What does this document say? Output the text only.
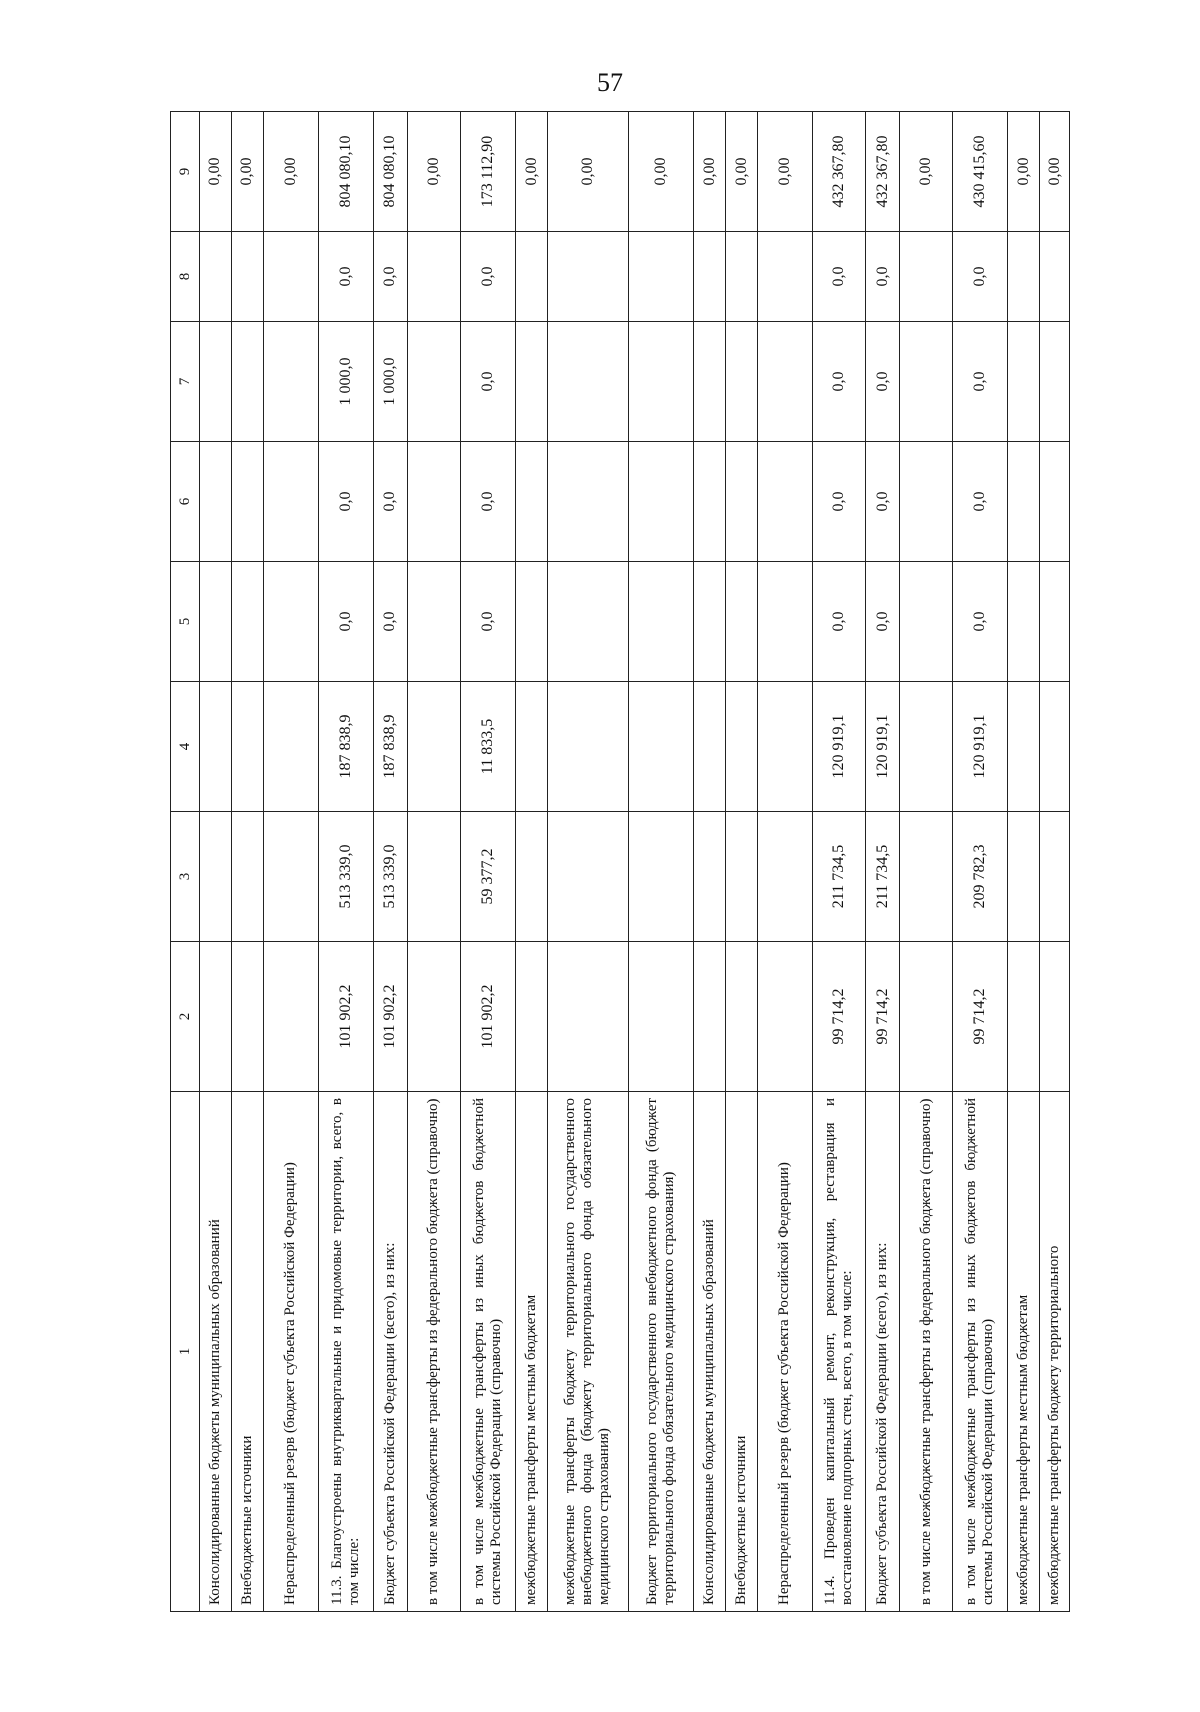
57
1	2	3	4	5	6	7	8	9
Консолидированные бюджеты муниципальных образований								0,00
Внебюджетные источники								0,00
Нераспределенный резерв (бюджет субъекта Российской Федерации)								0,00
11.3. Благоустроены внутриквартальные и придомовые территории, всего, в том числе:	101 902,2	513 339,0	187 838,9	0,0	0,0	1 000,0	0,0	804 080,10
Бюджет субъекта Российской Федерации (всего), из них:	101 902,2	513 339,0	187 838,9	0,0	0,0	1 000,0	0,0	804 080,10
в том числе межбюджетные трансферты из федерального бюджета (справочно)								0,00
в том числе межбюджетные трансферты из иных бюджетов бюджетной системы Российской Федерации (справочно)	101 902,2	59 377,2	11 833,5	0,0	0,0	0,0	0,0	173 112,90
межбюджетные трансферты местным бюджетам								0,00
межбюджетные трансферты бюджету территориального государственного внебюджетного фонда (бюджету территориального фонда обязательного медицинского страхования)								0,00
Бюджет территориального государственного внебюджетного фонда (бюджет территориального фонда обязательного медицинского страхования)								0,00
Консолидированные бюджеты муниципальных образований								0,00
Внебюджетные источники								0,00
Нераспределенный резерв (бюджет субъекта Российской Федерации)								0,00
11.4. Проведен капитальный ремонт, реконструкция, реставрация и восстановление подпорных стен, всего, в том числе:	99 714,2	211 734,5	120 919,1	0,0	0,0	0,0	0,0	432 367,80
Бюджет субъекта Российской Федерации (всего), из них:	99 714,2	211 734,5	120 919,1	0,0	0,0	0,0	0,0	432 367,80
в том числе межбюджетные трансферты из федерального бюджета (справочно)								0,00
в том числе межбюджетные трансферты из иных бюджетов бюджетной системы Российской Федерации (справочно)	99 714,2	209 782,3	120 919,1	0,0	0,0	0,0	0,0	430 415,60
межбюджетные трансферты местным бюджетам								0,00
межбюджетные трансферты бюджету территориального								0,00
